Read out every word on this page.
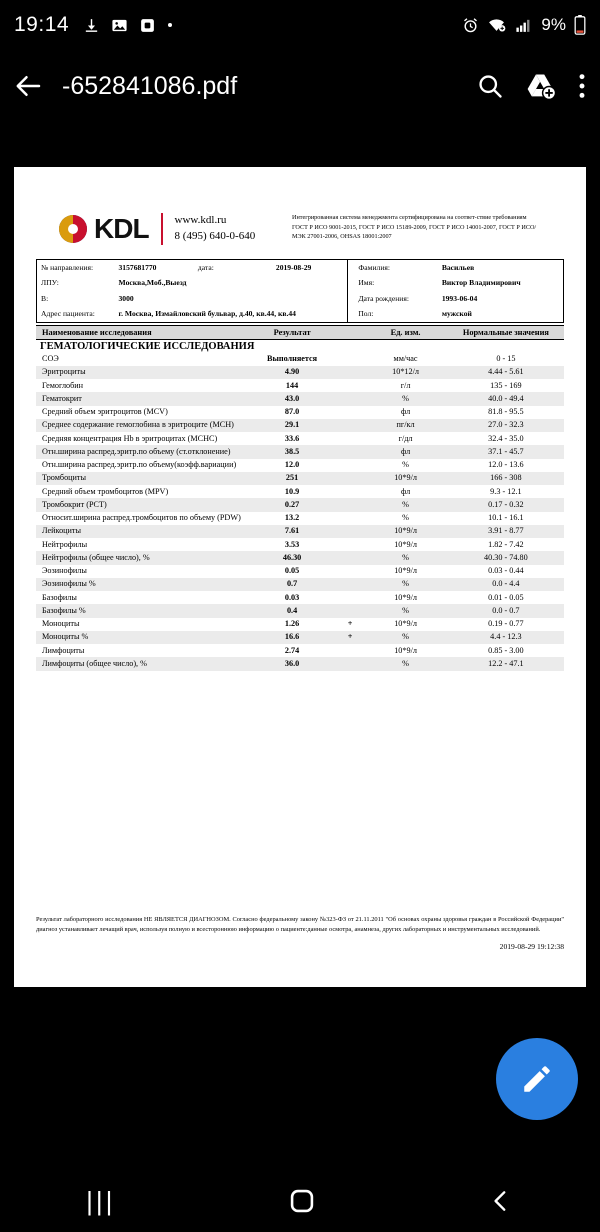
19:14	9%
-652841086.pdf
KDL www.kdl.ru
8 (495) 640-0-640
Интегрированная система менеджмента сертифицирована на соответ-ствие требованиям ГОСТ Р ИСО 9001-2015, ГОСТ Р ИСО 15189-2009, ГОСТ Р ИСО 14001-2007, ГОСТ Р ИСО/МЭК 27001-2006, OHSAS 18001:2007
№ направления:	3157681770	дата:	2019-08-29	Фамилия:	Васильев
ЛПУ:	Москва,Моб.,Выезд			Имя:	Виктор Владимирович
В:	3000			Дата рождения:	1993-06-04
Адрес пациента:	г. Москва, Измайловский бульвар, д.40, кв.44, кв.44			Пол:	мужской
Наименование исследования	Результат	Ед. изм.	Нормальные значения
ГЕМАТОЛОГИЧЕСКИЕ ИССЛЕДОВАНИЯ
СОЭ	Выполняется	мм/час	0 - 15
Эритроциты	4.90	10*12/л	4.44 - 5.61
Гемоглобин	144	г/л	135 - 169
Гематокрит	43.0	%	40.0 - 49.4
Средний объем эритроцитов (MCV)	87.0	фл	81.8 - 95.5
Среднее содержание гемоглобина в эритроците (MCH)	29.1	пг/кл	27.0 - 32.3
Средняя концентрация Hb в эритроцитах (MCHC)	33.6	г/дл	32.4 - 35.0
Отн.ширина распред.эритр.по объему (ст.отклонение)	38.5	фл	37.1 - 45.7
Отн.ширина распред.эритр.по объему(коэфф.вариации)	12.0	%	12.0 - 13.6
Тромбоциты	251	10*9/л	166 - 308
Средний объем тромбоцитов (MPV)	10.9	фл	9.3 - 12.1
Тромбокрит (PCT)	0.27	%	0.17 - 0.32
Относит.ширина распред.тромбоцитов по объему (PDW)	13.2	%	10.1 - 16.1
Лейкоциты	7.61	10*9/л	3.91 - 8.77
Нейтрофилы	3.53	10*9/л	1.82 - 7.42
Нейтрофилы (общее число), %	46.30	%	40.30 - 74.80
Эозинофилы	0.05	10*9/л	0.03 - 0.44
Эозинофилы %	0.7	%	0.0 - 4.4
Базофилы	0.03	10*9/л	0.01 - 0.05
Базофилы %	0.4	%	0.0 - 0.7
Моноциты	1.26	+	10*9/л	0.19 - 0.77
Моноциты %	16.6	+	%	4.4 - 12.3
Лимфоциты	2.74	10*9/л	0.85 - 3.00
Лимфоциты (общее число), %	36.0	%	12.2 - 47.1
Результат лабораторного исследования НЕ ЯВЛЯЕТСЯ ДИАГНОЗОМ. Согласно федеральному закону №323-ФЗ от 21.11.2011 "Об основах охраны здоровья граждан в Российской Федерации" диагноз устанавливает лечащий врач, используя полную и всестороннюю информацию о пациенте:данные осмотра, анамнеза, других лабораторных и инструментальных исследований.
2019-08-29 19:12:38
|||
